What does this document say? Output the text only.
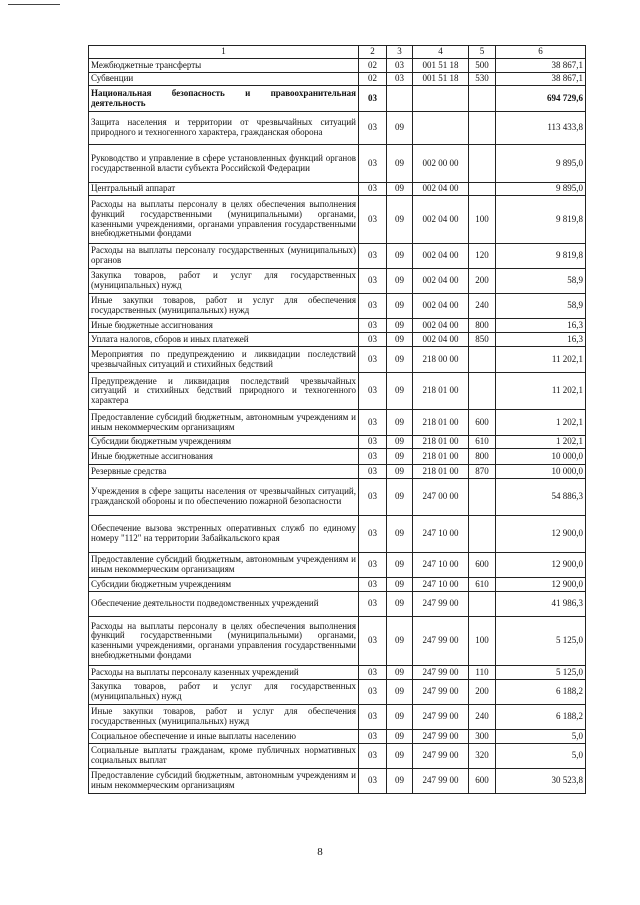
1	2	3	4	5	6
Межбюджетные трансферты	02	03	001 51 18	500	38 867,1
Субвенции	02	03	001 51 18	530	38 867,1
Национальная безопасность и правоохранительная деятельность	03				694 729,6
Защита населения и территории от чрезвычайных ситуаций природного и техногенного характера, гражданская оборона	03	09			113 433,8
Руководство и управление в сфере установленных функций органов государственной власти субъекта Российской Федерации	03	09	002 00 00		9 895,0
Центральный аппарат	03	09	002 04 00		9 895,0
Расходы на выплаты персоналу в целях обеспечения выполнения функций государственными (муниципальными) органами, казенными учреждениями, органами управления государственными внебюджетными фондами	03	09	002 04 00	100	9 819,8
Расходы на выплаты персоналу государственных (муниципальных) органов	03	09	002 04 00	120	9 819,8
Закупка товаров, работ и услуг для государственных (муниципальных) нужд	03	09	002 04 00	200	58,9
Иные закупки товаров, работ и услуг для обеспечения государственных (муниципальных) нужд	03	09	002 04 00	240	58,9
Иные бюджетные ассигнования	03	09	002 04 00	800	16,3
Уплата налогов, сборов и иных платежей	03	09	002 04 00	850	16,3
Мероприятия по предупреждению и ликвидации последствий чрезвычайных ситуаций и стихийных бедствий	03	09	218 00 00		11 202,1
Предупреждение и ликвидация последствий чрезвычайных ситуаций и стихийных бедствий природного и техногенного характера	03	09	218 01 00		11 202,1
Предоставление субсидий бюджетным, автономным учреждениям и иным некоммерческим организациям	03	09	218 01 00	600	1 202,1
Субсидии бюджетным учреждениям	03	09	218 01 00	610	1 202,1
Иные бюджетные ассигнования	03	09	218 01 00	800	10 000,0
Резервные средства	03	09	218 01 00	870	10 000,0
Учреждения в сфере защиты населения от чрезвычайных ситуаций, гражданской обороны и по обеспечению пожарной безопасности	03	09	247 00 00		54 886,3
Обеспечение вызова экстренных оперативных служб по единому номеру "112" на территории Забайкальского края	03	09	247 10 00		12 900,0
Предоставление субсидий бюджетным, автономным учреждениям и иным некоммерческим организациям	03	09	247 10 00	600	12 900,0
Субсидии бюджетным учреждениям	03	09	247 10 00	610	12 900,0
Обеспечение деятельности подведомственных учреждений	03	09	247 99 00		41 986,3
Расходы на выплаты персоналу в целях обеспечения выполнения функций государственными (муниципальными) органами, казенными учреждениями, органами управления государственными внебюджетными фондами	03	09	247 99 00	100	5 125,0
Расходы на выплаты персоналу казенных учреждений	03	09	247 99 00	110	5 125,0
Закупка товаров, работ и услуг для государственных (муниципальных) нужд	03	09	247 99 00	200	6 188,2
Иные закупки товаров, работ и услуг для обеспечения государственных (муниципальных) нужд	03	09	247 99 00	240	6 188,2
Социальное обеспечение и иные выплаты населению	03	09	247 99 00	300	5,0
Социальные выплаты гражданам, кроме публичных нормативных социальных выплат	03	09	247 99 00	320	5,0
Предоставление субсидий бюджетным, автономным учреждениям и иным некоммерческим организациям	03	09	247 99 00	600	30 523,8
8
